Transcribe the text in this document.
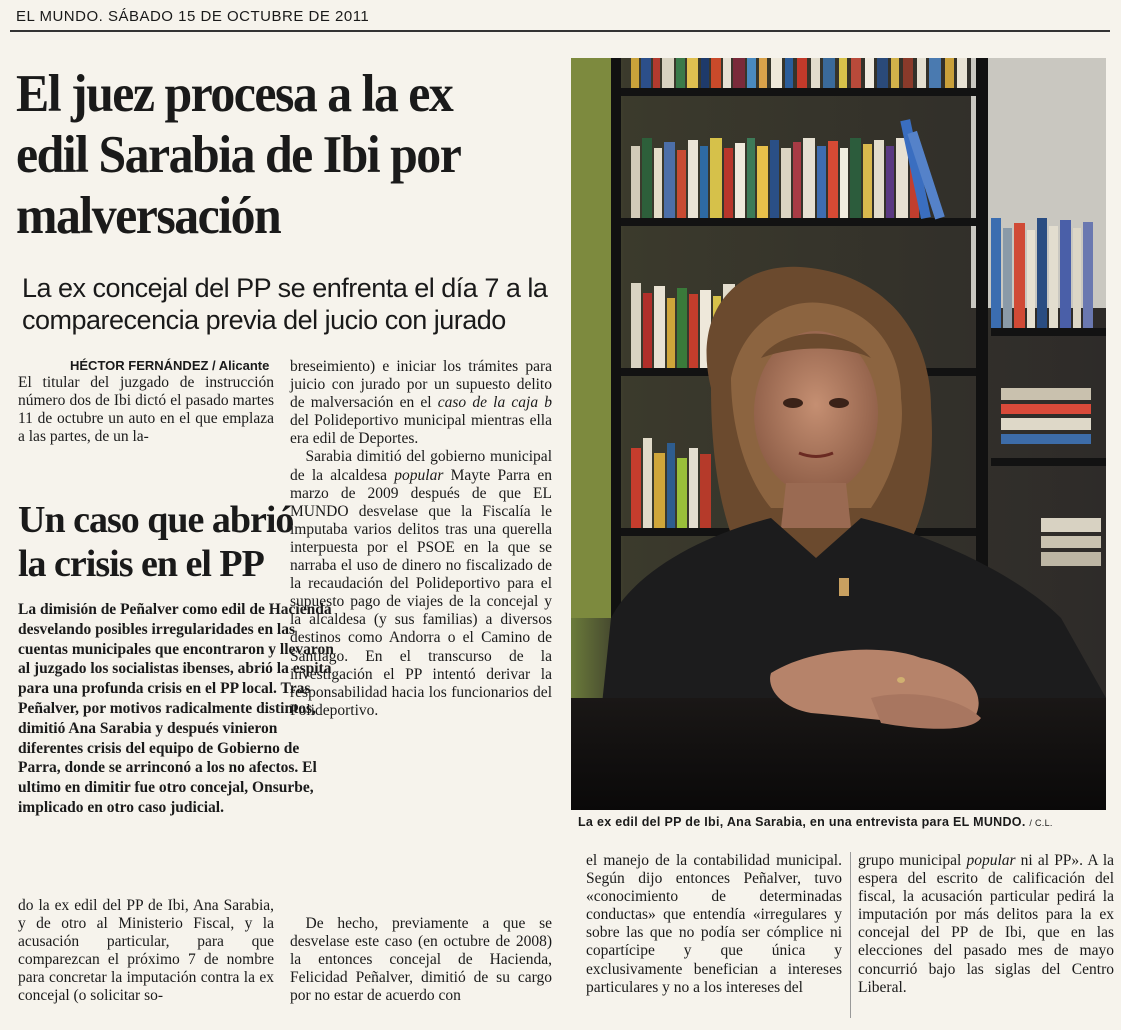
EL MUNDO. SÁBADO 15 DE OCTUBRE DE 2011
El juez procesa a la ex edil Sarabia de Ibi por malversación
La ex concejal del PP se enfrenta el día 7 a la comparecencia previa del jucio con jurado
HÉCTOR FERNÁNDEZ / Alicante
El titular del juzgado de instrucción número dos de Ibi dictó el pasado martes 11 de octubre un auto en el que emplaza a las partes, de un la-
breseimiento) e iniciar los trámites para juicio con jurado por un supuesto delito de malversación en el caso de la caja b del Polideportivo municipal mientras ella era edil de Deportes.
Sarabia dimitió del gobierno municipal de la alcaldesa popular Mayte Parra en marzo de 2009 después de que EL MUNDO desvelase que la Fiscalía le imputaba varios delitos tras una querella interpuesta por el PSOE en la que se narraba el uso de dinero no fiscalizado de la recaudación del Polideportivo para el supuesto pago de viajes de la concejal y la alcaldesa (y sus familias) a diversos destinos como Andorra o el Camino de Santiago. En el transcurso de la investigación el PP intentó derivar la responsabilidad hacia los funcionarios del Polideportivo.
De hecho, previamente a que se desvelase este caso (en octubre de 2008) la entonces concejal de Hacienda, Felicidad Peñalver, dimitió de su cargo por no estar de acuerdo con
Un caso que abrió la crisis en el PP
La dimisión de Peñalver como edil de Hacienda desvelando posibles irregularidades en las cuentas municipales que encontraron y llevaron al juzgado los socialistas ibenses, abrió la espita para una profunda crisis en el PP local. Tras Peñalver, por motivos radicalmente distintos, dimitió Ana Sarabia y después vinieron diferentes crisis del equipo de Gobierno de Parra, donde se arrinconó a los no afectos. El ultimo en dimitir fue otro concejal, Onsurbe, implicado en otro caso judicial.
do la ex edil del PP de Ibi, Ana Sarabia, y de otro al Ministerio Fiscal, y la acusación particular, para que comparezcan el próximo 7 de nombre para concretar la imputación contra la ex concejal (o solicitar so-
el manejo de la contabilidad municipal. Según dijo entonces Peñalver, tuvo «conocimiento de determinadas conductas» que entendía «irregulares y sobre las que no podía ser cómplice ni copartícipe y que única y exclusivamente benefician a intereses particulares y no a los intereses del
grupo municipal popular ni al PP». A la espera del escrito de calificación del fiscal, la acusación particular pedirá la imputación por más delitos para la ex concejal del PP de Ibi, que en las elecciones del pasado mes de mayo concurrió bajo las siglas del Centro Liberal.
La ex edil del PP de Ibi, Ana Sarabia, en una entrevista para EL MUNDO. / C.L.
